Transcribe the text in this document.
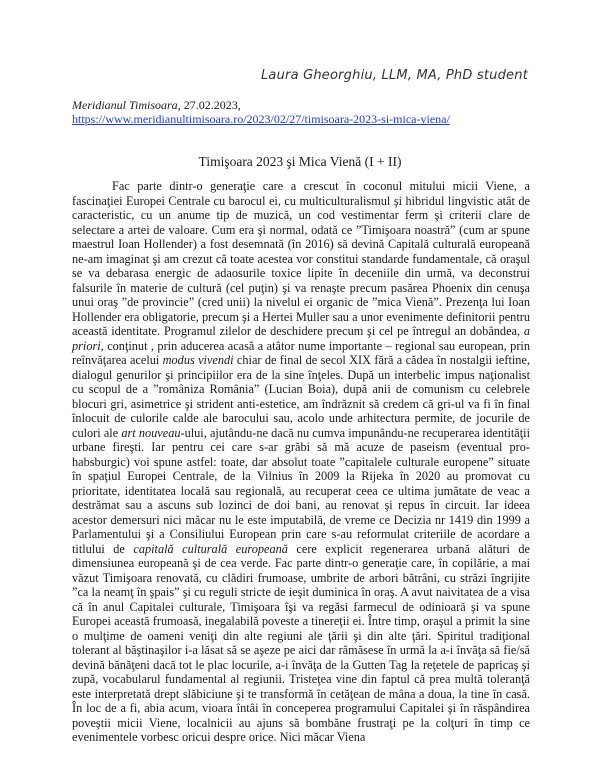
Laura Gheorghiu, LLM, MA, PhD student
Meridianul Timisoara, 27.02.2023,
https://www.meridianultimisoara.ro/2023/02/27/timisoara-2023-si-mica-viena/
Timişoara 2023 şi Mica Vienă (I + II)

Fac parte dintr-o generaţie care a crescut în coconul mitului micii Viene, a fascinaţiei Europei Centrale cu barocul ei, cu multiculturalismul şi hibridul lingvistic atât de caracteristic, cu un anume tip de muzică, un cod vestimentar ferm şi criterii clare de selectare a artei de valoare. Cum era şi normal, odată ce ”Timişoara noastră” (cum ar spune maestrul Ioan Hollender) a fost desemnată (în 2016) să devină Capitală culturală europeană ne-am imaginat şi am crezut că toate acestea vor constitui standarde fundamentale, că oraşul se va debarasa energic de adaosurile toxice lipite în deceniile din urmă, va deconstrui falsurile în materie de cultură (cel puţin) şi va renaşte precum pasărea Phoenix din cenuşa unui oraş ”de provincie” (cred unii) la nivelul ei organic de ”mica Vienă”. Prezenţa lui Ioan Hollender era obligatorie, precum şi a Hertei Muller sau a unor evenimente definitorii pentru această identitate. Programul zilelor de deschidere precum şi cel pe întregul an dobândea, a priori, conţinut , prin aducerea acasă a atâtor nume importante – regional sau european, prin reînvăţarea acelui modus vivendi chiar de final de secol XIX fără a cădea în nostalgii ieftine, dialogul genurilor şi principiilor era de la sine înţeles. După un interbelic impus naţionalist cu scopul de a ”româniza România” (Lucian Boia), după anii de comunism cu celebrele blocuri gri, asimetrice şi strident anti-estetice, am îndrăznit să credem că gri-ul va fi în final înlocuit de culorile calde ale barocului sau, acolo unde arhitectura permite, de jocurile de culori ale art nouveau-ului, ajutându-ne dacă nu cumva impunându-ne recuperarea identităţii urbane fireşti. Iar pentru cei care s-ar grăbi să mă acuze de paseism (eventual pro-habsburgic) voi spune astfel: toate, dar absolut toate ”capitalele culturale europene” situate în spaţiul Europei Centrale, de la Vilnius în 2009 la Rijeka în 2020 au promovat cu prioritate, identitatea locală sau regională, au recuperat ceea ce ultima jumătate de veac a destrămat sau a ascuns sub lozinci de doi bani, au renovat şi repus în circuit. Iar ideea acestor demersuri nici măcar nu le este imputabilă, de vreme ce Decizia nr 1419 din 1999 a Parlamentului şi a Consiliului European prin care s-au reformulat criteriile de acordare a titlului de capitală culturală europeană cere explicit regenerarea urbană alături de dimensiunea europeană şi de cea verde. Fac parte dintr-o generaţie care, în copilărie, a mai văzut Timişoara renovată, cu clădiri frumoase, umbrite de arbori bătrâni, cu străzi îngrijite ”ca la neamţ în şpais” şi cu reguli stricte de ieşit duminica în oraş. A avut naivitatea de a visa că în anul Capitalei culturale, Timişoara îşi va regăsi farmecul de odinioară şi va spune Europei această frumoasă, inegalabilă poveste a tinereţii ei. Între timp, oraşul a primit la sine o mulţime de oameni veniţi din alte regiuni ale ţării şi din alte ţări. Spiritul tradiţional tolerant al băştinaşilor i-a lăsat să se aşeze pe aici dar rămăsese în urmă la a-i învăţa să fie/să devină bănăţeni dacă tot le plac locurile, a-i învăţa de la Gutten Tag la reţetele de papricaş şi zupă, vocabularul fundamental al regiunii. Tristeţea vine din faptul că prea multă toleranţă este interpretată drept slăbiciune şi te transformă în cetăţean de mâna a doua, la tine în casă. În loc de a fi, abia acum, vioara întâi în conceperea programului Capitalei şi în răspândirea poveştii micii Viene, localnicii au ajuns să bombăne frustraţi pe la colţuri în timp ce evenimentele vorbesc oricui despre orice. Nici măcar Viena
